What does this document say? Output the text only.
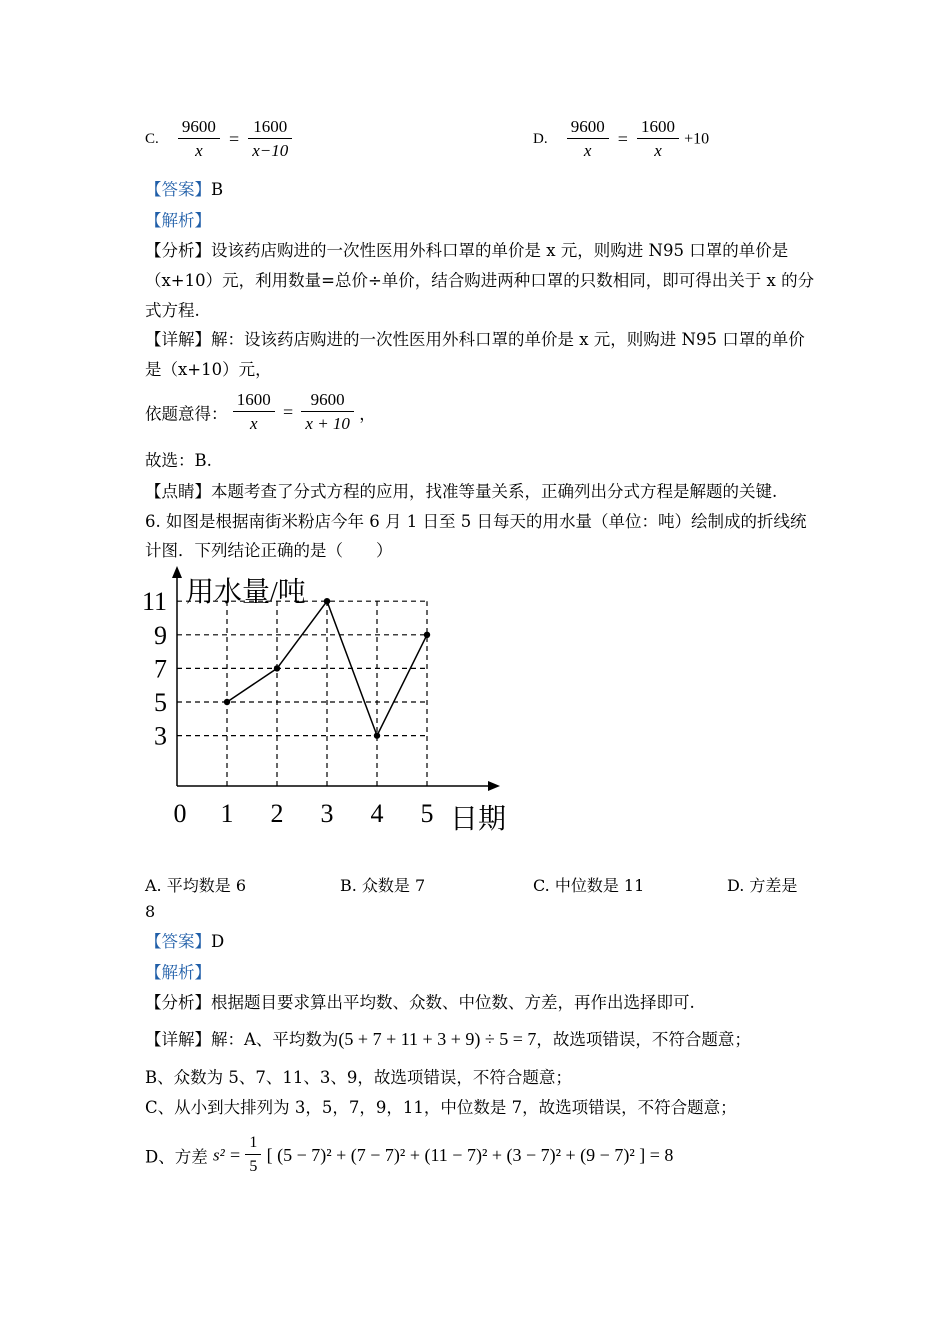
C. $\frac{9600}{x} = \frac{1600}{x-10}$	D. $\frac{9600}{x} = \frac{1600}{x} +10$
【答案】B
【解析】
【分析】设该药店购进的一次性医用外科口罩的单价是 x 元，则购进 N95 口罩的单价是
（x+10）元，利用数量=总价÷单价，结合购进两种口罩的只数相同，即可得出关于 x 的分
式方程.
【详解】解：设该药店购进的一次性医用外科口罩的单价是 x 元，则购进 N95 口罩的单价
是（x+10）元，
依题意得： $\frac{1600}{x} = \frac{9600}{x + 10}$ ，
故选：B.
【点睛】本题考查了分式方程的应用，找准等量关系，正确列出分式方程是解题的关键.
6. 如图是根据南街米粉店今年 6 月 1 日至 5 日每天的用水量（单位：吨）绘制成的折线统
计图．下列结论正确的是（　　）
3
5
7
9
11
1 2 3 4 5
0
用水量/吨
日期
A. 平均数是 6	B. 众数是 7	C. 中位数是 11	D. 方差是
8
【答案】D
【解析】
【分析】根据题目要求算出平均数、众数、中位数、方差，再作出选择即可.
【详解】解：A、平均数为(5 + 7 + 11 + 3 + 9) ÷ 5 = 7，故选项错误，不符合题意；
B、众数为 5、7、11、3、9，故选项错误，不符合题意；
C、从小到大排列为 3，5，7，9，11，中位数是 7，故选项错误，不符合题意；
D、方差 $s^2 = \frac{1}{5}$ [ (5 − 7)² + (7 − 7)² + (11 − 7)² + (3 − 7)² + (9 − 7)² ] = 8
